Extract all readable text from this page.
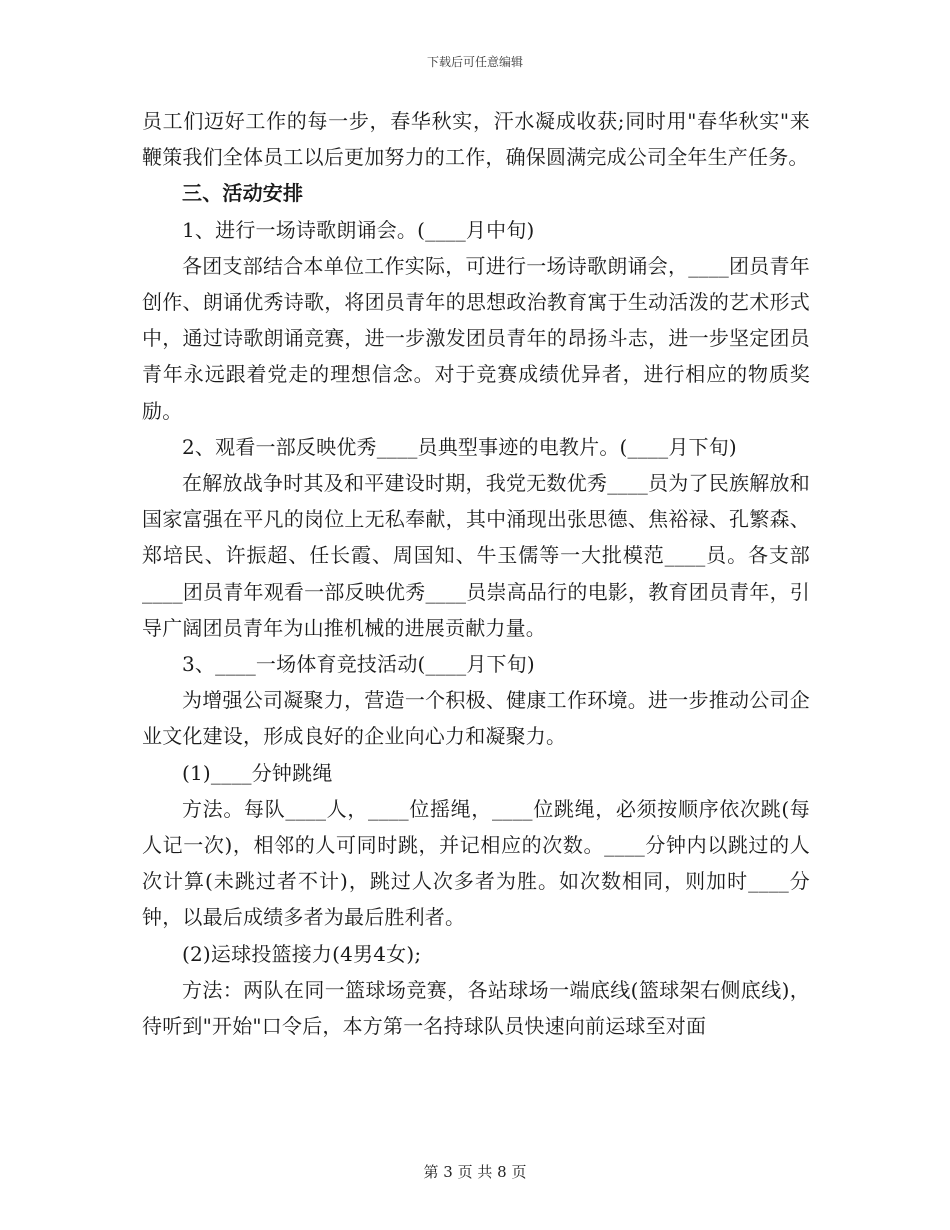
下载后可任意编辑

员工们迈好工作的每一步，春华秋实，汗水凝成收获;同时用"春华秋实"来鞭策我们全体员工以后更加努力的工作，确保圆满完成公司全年生产任务。

三、活动安排

1、进行一场诗歌朗诵会。(____月中旬)

各团支部结合本单位工作实际，可进行一场诗歌朗诵会，____团员青年创作、朗诵优秀诗歌，将团员青年的思想政治教育寓于生动活泼的艺术形式中，通过诗歌朗诵竞赛，进一步激发团员青年的昂扬斗志，进一步坚定团员青年永远跟着党走的理想信念。对于竞赛成绩优异者，进行相应的物质奖励。

2、观看一部反映优秀____员典型事迹的电教片。(____月下旬)

在解放战争时其及和平建设时期，我党无数优秀____员为了民族解放和国家富强在平凡的岗位上无私奉献，其中涌现出张思德、焦裕禄、孔繁森、郑培民、许振超、任长霞、周国知、牛玉儒等一大批模范____员。各支部____团员青年观看一部反映优秀____员崇高品行的电影，教育团员青年，引导广阔团员青年为山推机械的进展贡献力量。

3、____一场体育竞技活动(____月下旬)

为增强公司凝聚力，营造一个积极、健康工作环境。进一步推动公司企业文化建设，形成良好的企业向心力和凝聚力。

(1)____分钟跳绳

方法。每队____人，____位摇绳，____位跳绳，必须按顺序依次跳(每人记一次)，相邻的人可同时跳，并记相应的次数。____分钟内以跳过的人次计算(未跳过者不计)，跳过人次多者为胜。如次数相同，则加时____分钟，以最后成绩多者为最后胜利者。

(2)运球投篮接力(4男4女);

方法：两队在同一篮球场竞赛，各站球场一端底线(篮球架右侧底线)，待听到"开始"口令后，本方第一名持球队员快速向前运球至对面

第 3 页 共 8 页
